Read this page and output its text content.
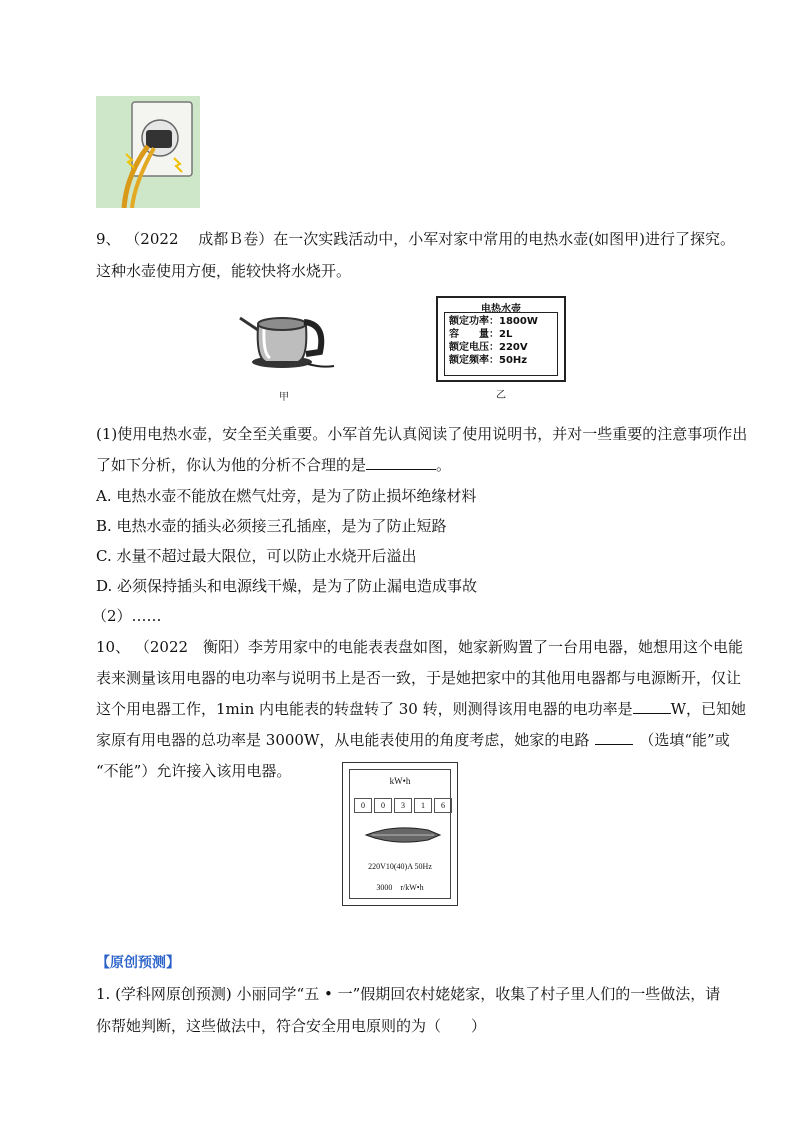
9、 （2022　 成都Ｂ卷）在一次实践活动中，小军对家中常用的电热水壶(如图甲)进行了探究。
这种水壶使用方便，能较快将水烧开。
甲
电热水壶
额定功率：1800W
容　　量：2L
额定电压：220V
额定频率：50Hz
乙
(1)使用电热水壶，安全至关重要。小军首先认真阅读了使用说明书，并对一些重要的注意事项作出
了如下分析，你认为他的分析不合理的是	。
A. 电热水壶不能放在燃气灶旁，是为了防止损坏绝缘材料
B. 电热水壶的插头必须接三孔插座，是为了防止短路
C. 水量不超过最大限位，可以防止水烧开后溢出
D. 必须保持插头和电源线干燥，是为了防止漏电造成事故
（2）……
10、 （2022　衡阳）李芳用家中的电能表表盘如图，她家新购置了一台用电器，她想用这个电能
表来测量该用电器的电功率与说明书上是否一致，于是她把家中的其他用电器都与电源断开，仅让
这个用电器工作，1min 内电能表的转盘转了 30 转，则测得该用电器的电功率是	W，已知她
家原有用电器的总功率是 3000W，从电能表使用的角度考虑，她家的电路	（选填“能”或
“不能”）允许接入该用电器。
kW•h
0	0	3	1	6
220V10(40)A 50Hz
3000　r/kW•h
【原创预测】
1. (学科网原创预测) 小丽同学“五 • 一”假期回农村姥姥家，收集了村子里人们的一些做法，请
你帮她判断，这些做法中，符合安全用电原则的为（　　）
